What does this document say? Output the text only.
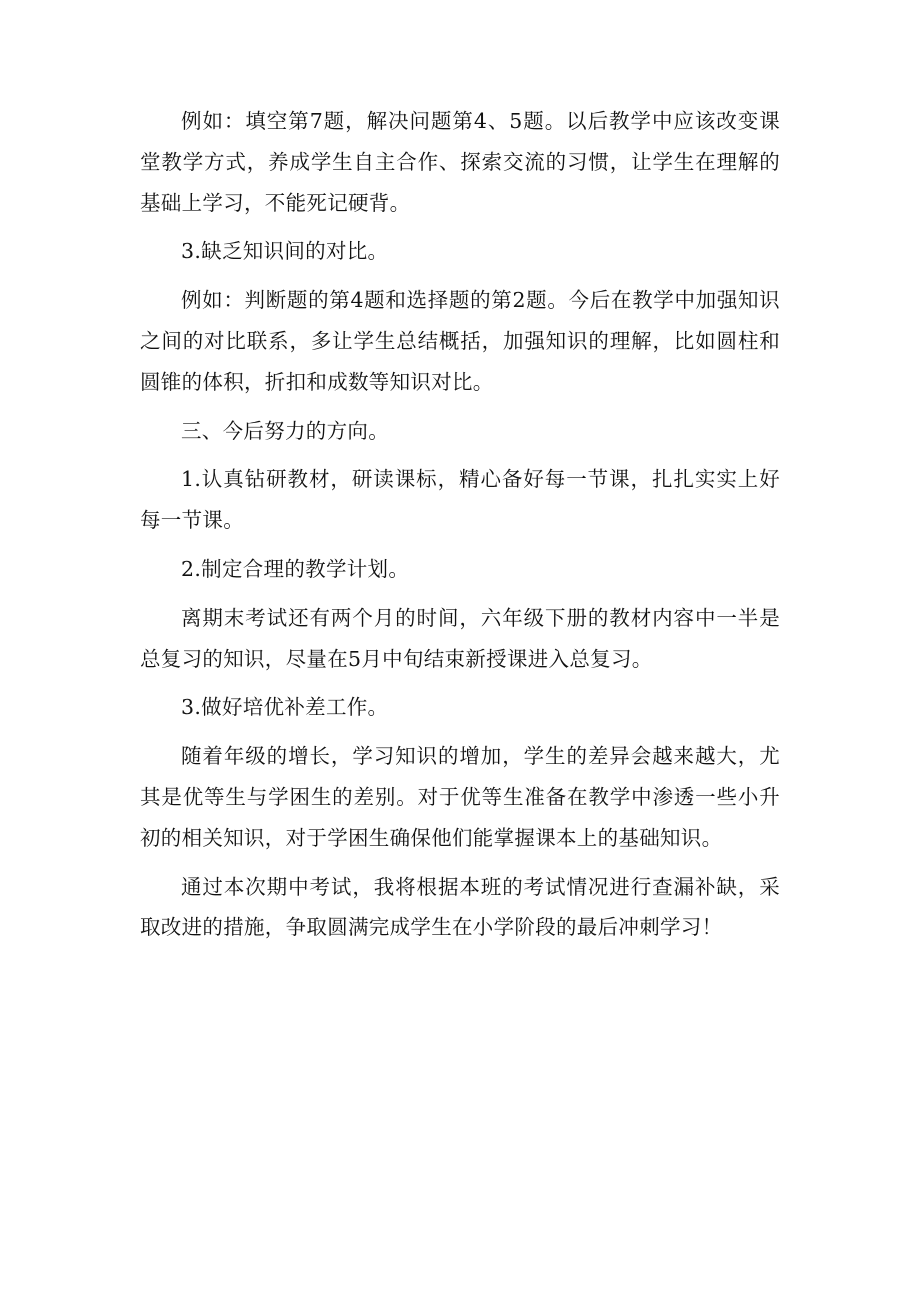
例如：填空第7题，解决问题第4、5题。以后教学中应该改变课堂教学方式，养成学生自主合作、探索交流的习惯，让学生在理解的基础上学习，不能死记硬背。

3.缺乏知识间的对比。

例如：判断题的第4题和选择题的第2题。今后在教学中加强知识之间的对比联系，多让学生总结概括，加强知识的理解，比如圆柱和圆锥的体积，折扣和成数等知识对比。

三、今后努力的方向。

1.认真钻研教材，研读课标，精心备好每一节课，扎扎实实上好每一节课。

2.制定合理的教学计划。

离期末考试还有两个月的时间，六年级下册的教材内容中一半是总复习的知识，尽量在5月中旬结束新授课进入总复习。

3.做好培优补差工作。

随着年级的增长，学习知识的增加，学生的差异会越来越大，尤其是优等生与学困生的差别。对于优等生准备在教学中渗透一些小升初的相关知识，对于学困生确保他们能掌握课本上的基础知识。

通过本次期中考试，我将根据本班的考试情况进行查漏补缺，采取改进的措施，争取圆满完成学生在小学阶段的最后冲刺学习！
